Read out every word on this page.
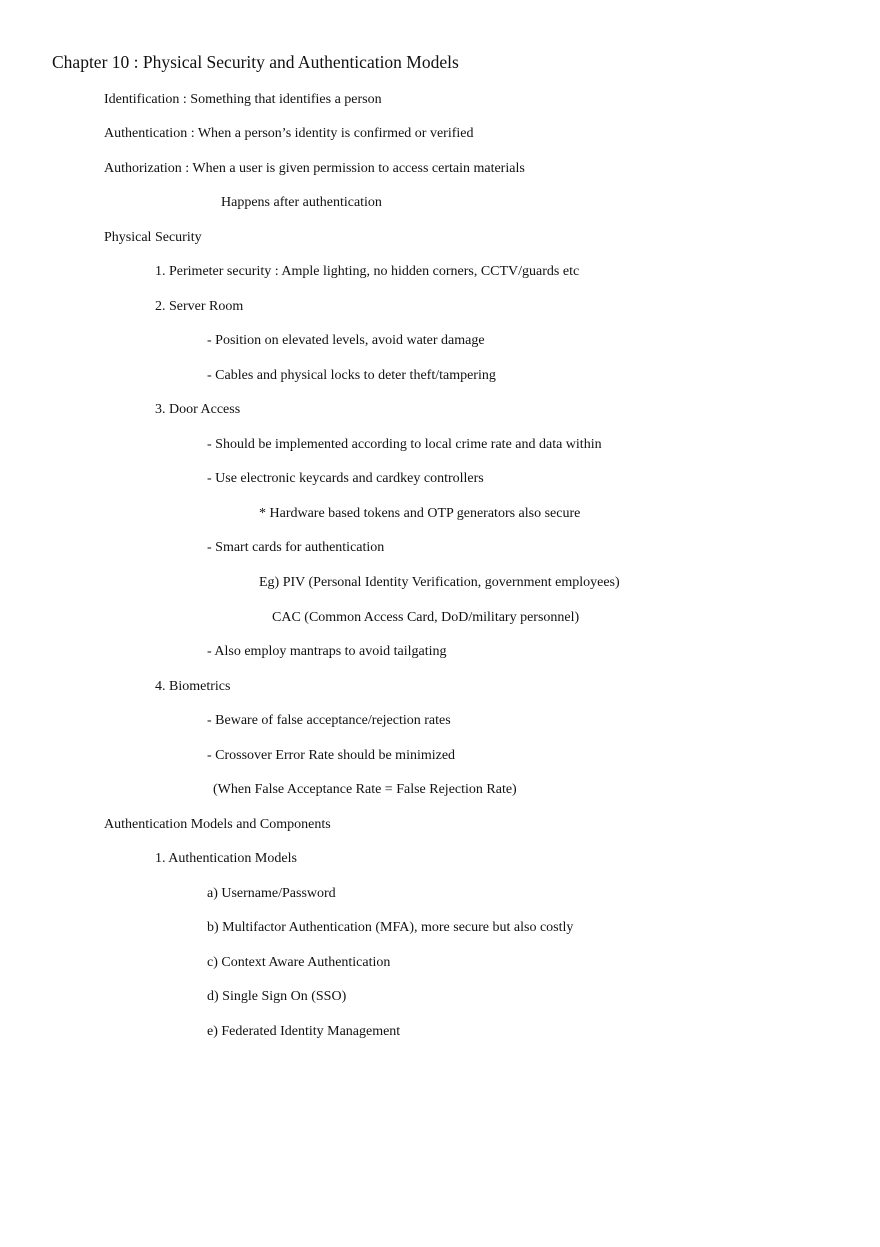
Chapter 10 : Physical Security and Authentication Models
Identification : Something that identifies a person
Authentication : When a person’s identity is confirmed or verified
Authorization : When a user is given permission to access certain materials
Happens after authentication
Physical Security
1. Perimeter security : Ample lighting, no hidden corners, CCTV/guards etc
2. Server Room
- Position on elevated levels, avoid water damage
- Cables and physical locks to deter theft/tampering
3. Door Access
- Should be implemented according to local crime rate and data within
- Use electronic keycards and cardkey controllers
* Hardware based tokens and OTP generators also secure
- Smart cards for authentication
Eg) PIV (Personal Identity Verification, government employees)
CAC (Common Access Card, DoD/military personnel)
- Also employ mantraps to avoid tailgating
4. Biometrics
- Beware of false acceptance/rejection rates
- Crossover Error Rate should be minimized
(When False Acceptance Rate = False Rejection Rate)
Authentication Models and Components
1. Authentication Models
a) Username/Password
b) Multifactor Authentication (MFA), more secure but also costly
c) Context Aware Authentication
d) Single Sign On (SSO)
e) Federated Identity Management
